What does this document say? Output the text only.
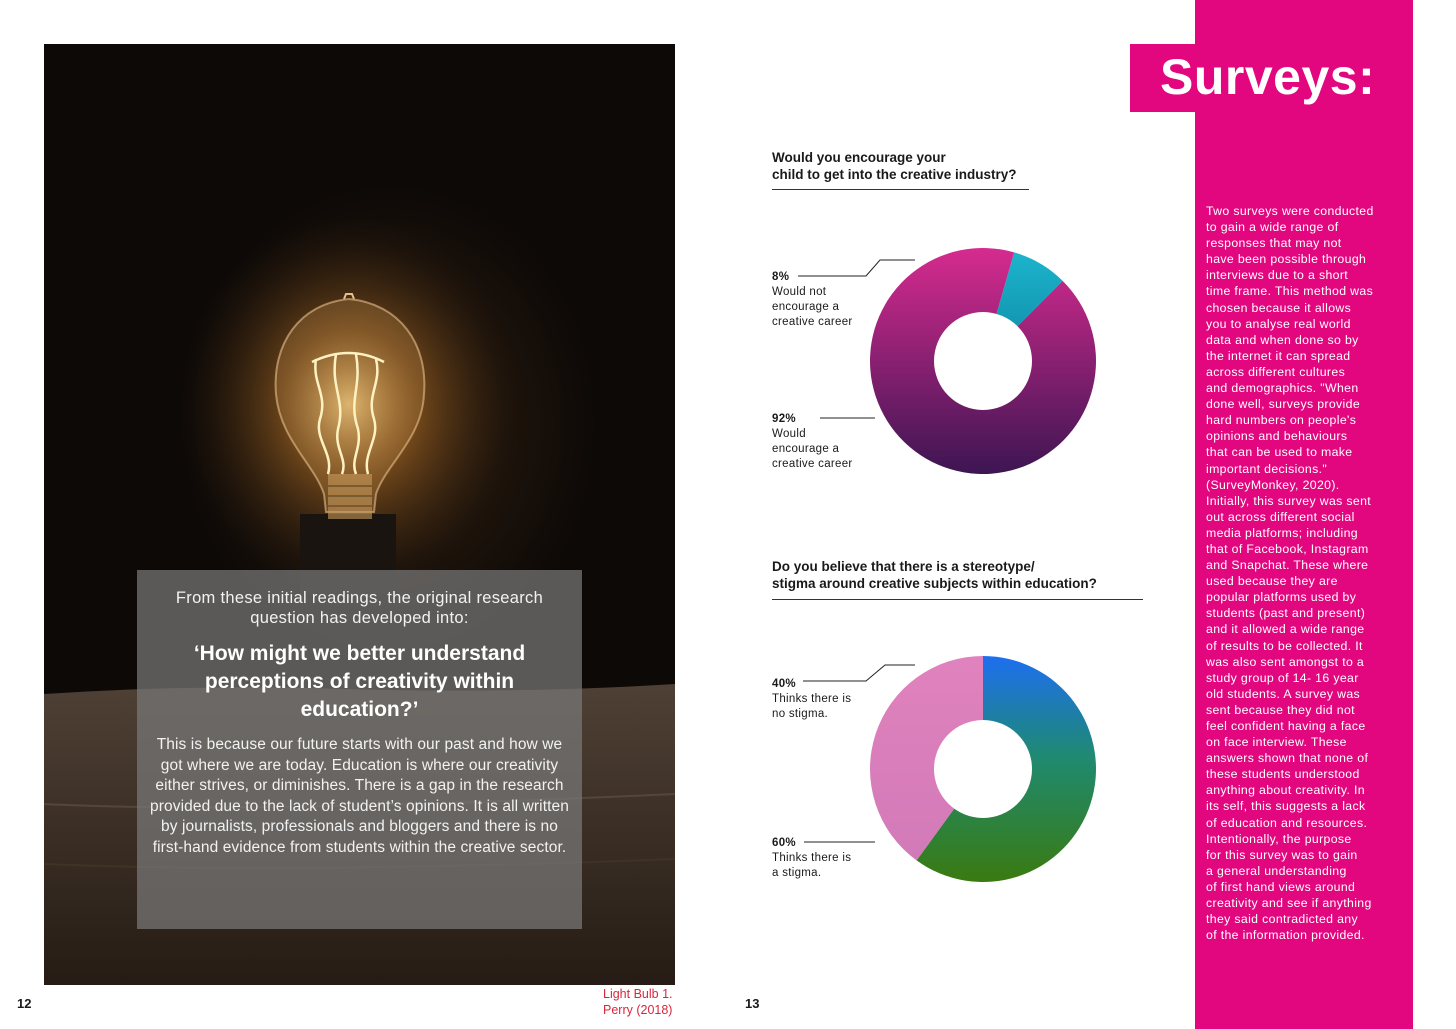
From these initial readings, the original research question has developed into:
‘How might we better understand perceptions of creativity within education?’
This is because our future starts with our past and how we got where we are today. Education is where our creativity either strives, or diminishes. There is a gap in the research provided due to the lack of student’s opinions. It is all written by journalists, professionals and bloggers and there is no first-hand evidence from students within the creative sector.
12
Light Bulb 1.
Perry (2018)	13
Surveys:
Two surveys were conducted
to gain a wide range of
responses that may not
have been possible through
interviews due to a short
time frame. This method was
chosen because it allows
you to analyse real world
data and when done so by
the internet it can spread
across different cultures
and demographics. "When
done well, surveys provide
hard numbers on people's
opinions and behaviours
that can be used to make
important decisions."
(SurveyMonkey, 2020).
Initially, this survey was sent
out across different social
media platforms; including
that of Facebook, Instagram
and Snapchat. These where
used because they are
popular platforms used by
students (past and present)
and it allowed a wide range
of results to be collected. It
was also sent amongst to a
study group of 14- 16 year
old students. A survey was
sent because they did not
feel confident having a face
on face interview. These
answers shown that none of
these students understood
anything about creativity. In
its self, this suggests a lack
of education and resources.
Intentionally, the purpose
for this survey was to gain
a general understanding
of first hand views around
creativity and see if anything
they said contradicted any
of the information provided.
Would you encourage your
child to get into the creative industry?
8%
Would not
encourage a
creative career
92%
Would
encourage a
creative career
Do you believe that there is a stereotype/
stigma around creative subjects within education?
40%
Thinks there is
no stigma.
60%
Thinks there is
a stigma.
